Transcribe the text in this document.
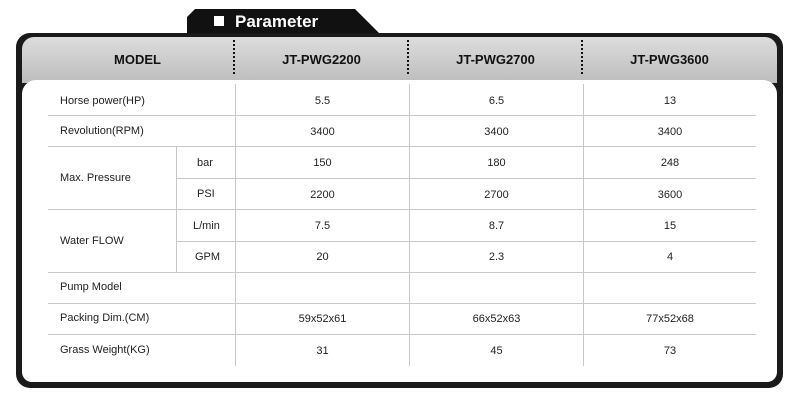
Parameter
MODEL	JT-PWG2200	JT-PWG2700	JT-PWG3600
Horse power(HP)	5.5	6.5	13
Revolution(RPM)	3400	3400	3400
Max. Pressure
bar	150	180	248
PSI	2200	2700	3600
Water FLOW
L/min	7.5	8.7	15
GPM	20	2.3	4
Pump Model
Packing Dim.(CM)	59x52x61	66x52x63	77x52x68
Grass Weight(KG)	31	45	73
